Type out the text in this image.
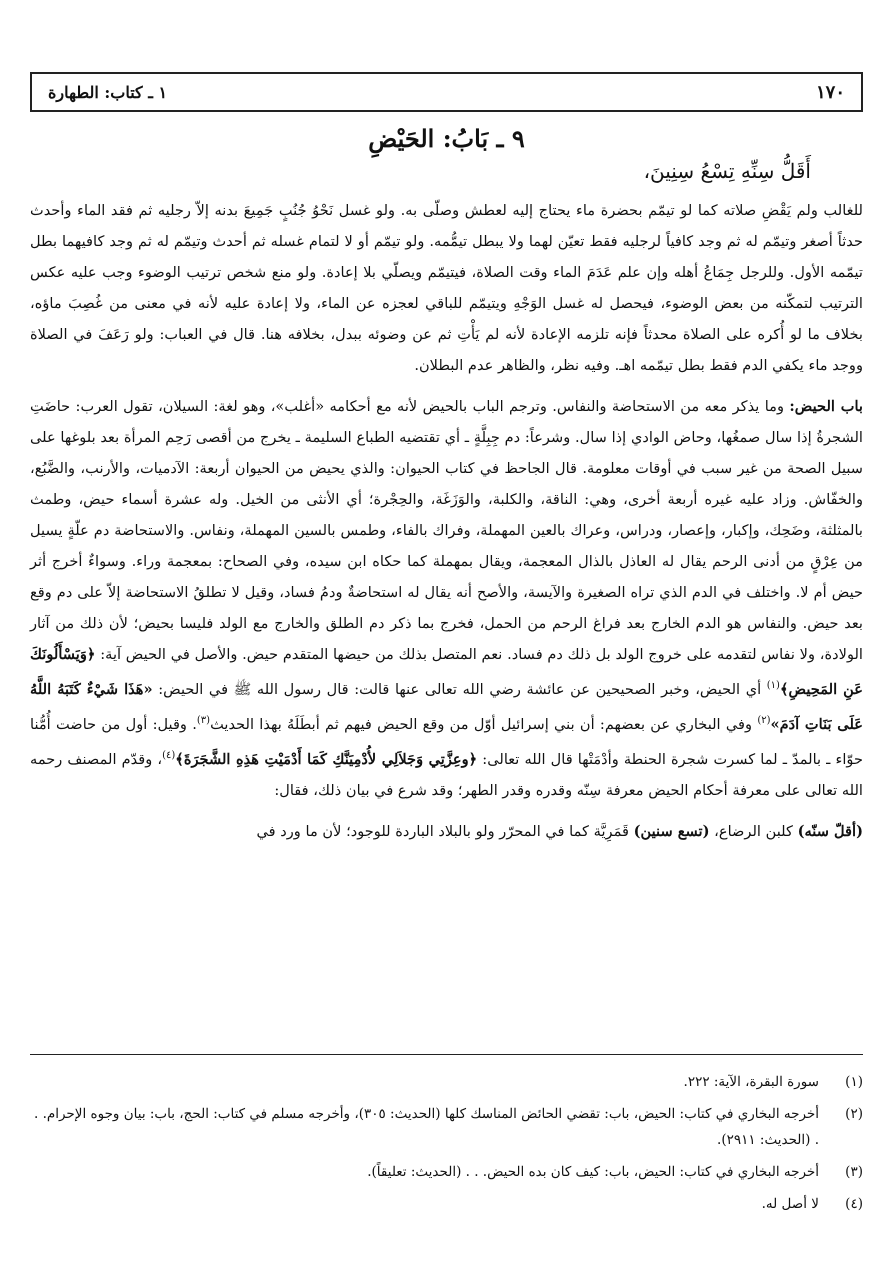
١٧٠
١ ـ كتاب: الطهارة
٩ ـ بَابُ: الحَيْضِ
أَقَلُّ سِنِّهِ تِسْعُ سِنِينَ،

للغالب ولم يَقْضِ صلاته كما لو تيمّم بحضرة ماء يحتاج إليه لعطش وصلّى به. ولو غسل نَحْوُ جُنُبٍ جَمِيعَ بدنه إلاّ رجليه ثم فقد الماء وأحدث حدثاً أصغر وتيمّم له ثم وجد كافياً لرجليه فقط تعيّن لهما ولا يبطل تيمُّمه. ولو تيمّم أو لا لتمام غسله ثم أحدث وتيمّم له ثم وجد كافيهما بطل تيمّمه الأول. وللرجل جِمَاعُ أهله وإن علم عَدَمَ الماء وقت الصلاة، فيتيمّم ويصلّي بلا إعادة. ولو منع شخص ترتيب الوضوء وجب عليه عكس الترتيب لتمكّنه من بعض الوضوء، فيحصل له غسل الوَجْهِ ويتيمّم للباقي لعجزه عن الماء، ولا إعادة عليه لأنه في معنى من غُصِبَ ماؤه، بخلاف ما لو أُكره على الصلاة محدثاً فإنه تلزمه الإعادة لأنه لم يَأْتِ ثم عن وضوئه ببدل، بخلافه هنا. قال في العباب: ولو رَعَفَ في الصلاة ووجد ماء يكفي الدم فقط بطل تيمّمه اهـ. وفيه نظر، والظاهر عدم البطلان.

باب الحيض: وما يذكر معه من الاستحاضة والنفاس. وترجم الباب بالحيض لأنه مع أحكامه «أغلب»، وهو لغة: السيلان، تقول العرب: حاضَتِ الشجرةُ إذا سال صمغُها، وحاض الوادي إذا سال. وشرعاً: دم جِبِلَّةٍ ـ أي تقتضيه الطباع السليمة ـ يخرج من أقصى رَحِم المرأة بعد بلوغها على سبيل الصحة من غير سبب في أوقات معلومة. قال الجاحظ في كتاب الحيوان: والذي يحيض من الحيوان أربعة: الآدميات، والأرنب، والضَّبُع، والخفّاش. وزاد عليه غيره أربعة أخرى، وهي: الناقة، والكلبة، والوَزَغَة، والحِجْرة؛ أي الأنثى من الخيل. وله عشرة أسماء حيض، وطمث بالمثلثة، وضَحِك، وإكبار، وإعصار، ودراس، وعراك بالعين المهملة، وفراك بالفاء، وطمس بالسين المهملة، ونفاس. والاستحاضة دم علّةٍ يسيل من عِرْقٍ من أدنى الرحم يقال له العاذل بالذال المعجمة، ويقال بمهملة كما حكاه ابن سيده، وفي الصحاح: بمعجمة وراء. وسواءٌ أخرج أثر حيض أم لا. واختلف في الدم الذي تراه الصغيرة والآيسة، والأصح أنه يقال له استحاضةٌ ودمُ فساد، وقيل لا تطلقُ الاستحاضة إلاّ على دم وقع بعد حيض. والنفاس هو الدم الخارج بعد فراغ الرحم من الحمل، فخرج بما ذكر دم الطلق والخارج مع الولد فليسا بحيض؛ لأن ذلك من آثار الولادة، ولا نفاس لتقدمه على خروج الولد بل ذلك دم فساد. نعم المتصل بذلك من حيضها المتقدم حيض. والأصل في الحيض آية: ﴿وَيَسْأَلُونَكَ عَنِ المَحِيضِ﴾$^{(١)}$ أي الحيض، وخبر الصحيحين عن عائشة رضي الله تعالى عنها قالت: قال رسول الله ﷺ في الحيض: «هَذَا شَيْءٌ كَتَبَهُ اللَّهُ عَلَى بَنَاتِ آدَمَ»$^{(٢)}$ وفي البخاري عن بعضهم: أن بني إسرائيل أوّل من وقع الحيض فيهم ثم أبطَلَهُ بهذا الحديث$^{(٣)}$. وقيل: أول من حاضت أُمُّنا حوّاء ـ بالمدّ ـ لما كسرت شجرة الحنطة وأدْمَتْها قال الله تعالى: ﴿وعِزَّتِي وَجَلاَلِي لأُدْمِيَنَّكِ كَمَا أَدْمَيْتِ هَذِهِ الشَّجَرَةَ﴾$^{(٤)}$، وقدّم المصنف رحمه الله تعالى على معرفة أحكام الحيض معرفة سِنّه وقدره وقدر الطهر؛ وقد شرع في بيان ذلك، فقال:

(أقلّ سنّه) كلبن الرضاع، (تسع سنين) قَمَرِيَّة كما في المحرّر ولو بالبلاد الباردة للوجود؛ لأن ما ورد في

(١)
سورة البقرة، الآية: ٢٢٢.
(٢)
أخرجه البخاري في كتاب: الحيض، باب: تقضي الحائض المناسك كلها (الحديث: ٣٠٥)، وأخرجه مسلم في كتاب: الحج، باب: بيان وجوه الإحرام. . . (الحديث: ٢٩١١).
(٣)
أخرجه البخاري في كتاب: الحيض، باب: كيف كان بده الحيض. . . (الحديث: تعليقاً).
(٤)
لا أصل له.
